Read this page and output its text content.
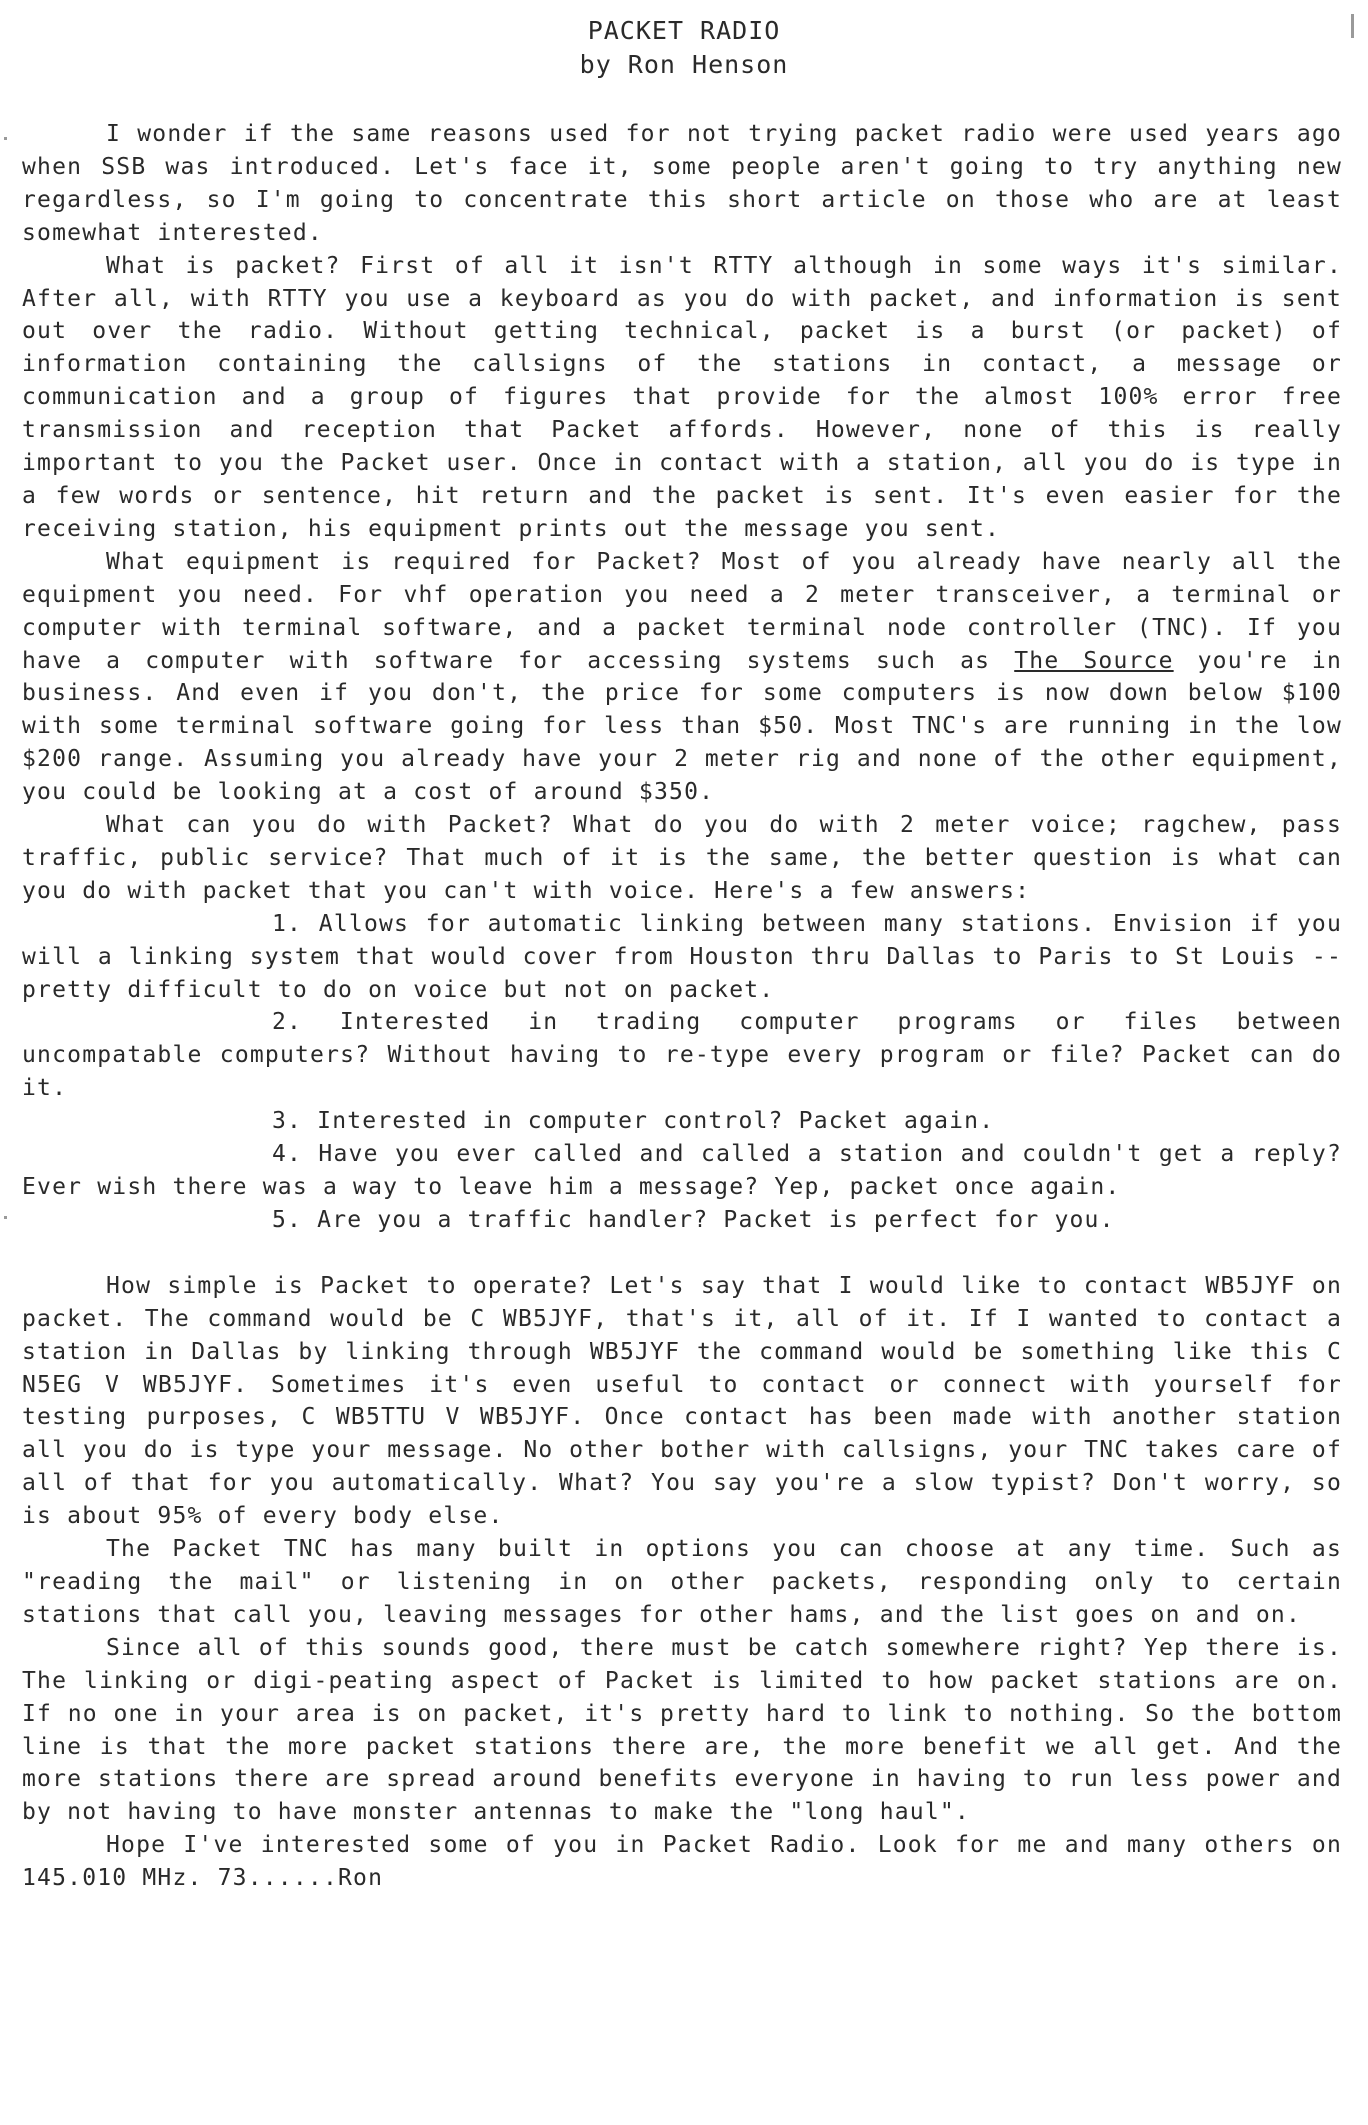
PACKET RADIO
by Ron Henson

I wonder if the same reasons used for not trying packet radio were used years ago when SSB was introduced. Let's face it, some people aren't going to try anything new regardless, so I'm going to concentrate this short article on those who are at least somewhat interested.

What is packet? First of all it isn't RTTY although in some ways it's similar. After all, with RTTY you use a keyboard as you do with packet, and information is sent out over the radio. Without getting technical, packet is a burst (or packet) of information containing the callsigns of the stations in contact, a message or communication and a group of figures that provide for the almost 100% error free transmission and reception that Packet affords. However, none of this is really important to you the Packet user. Once in contact with a station, all you do is type in a few words or sentence, hit return and the packet is sent. It's even easier for the receiving station, his equipment prints out the message you sent.

What equipment is required for Packet? Most of you already have nearly all the equipment you need. For vhf operation you need a 2 meter transceiver, a terminal or computer with terminal software, and a packet terminal node controller (TNC). If you have a computer with software for accessing systems such as The Source you're in business. And even if you don't, the price for some computers is now down below $100 with some terminal software going for less than $50. Most TNC's are running in the low $200 range. Assuming you already have your 2 meter rig and none of the other equipment, you could be looking at a cost of around $350.

What can you do with Packet? What do you do with 2 meter voice; ragchew, pass traffic, public service? That much of it is the same, the better question is what can you do with packet that you can't with voice. Here's a few answers:

1. Allows for automatic linking between many stations. Envision if you will a linking system that would cover from Houston thru Dallas to Paris to St Louis -- pretty difficult to do on voice but not on packet.

2. Interested in trading computer programs or files between uncompatable computers? Without having to re-type every program or file? Packet can do it.

3. Interested in computer control? Packet again.

4. Have you ever called and called a station and couldn't get a reply? Ever wish there was a way to leave him a message? Yep, packet once again.

5. Are you a traffic handler? Packet is perfect for you.

How simple is Packet to operate? Let's say that I would like to contact WB5JYF on packet. The command would be C WB5JYF, that's it, all of it. If I wanted to contact a station in Dallas by linking through WB5JYF the command would be something like this C N5EG V WB5JYF. Sometimes it's even useful to contact or connect with yourself for testing purposes, C WB5TTU V WB5JYF. Once contact has been made with another station all you do is type your message. No other bother with callsigns, your TNC takes care of all of that for you automatically. What? You say you're a slow typist? Don't worry, so is about 95% of every body else.

The Packet TNC has many built in options you can choose at any time. Such as "reading the mail" or listening in on other packets, responding only to certain stations that call you, leaving messages for other hams, and the list goes on and on.

Since all of this sounds good, there must be catch somewhere right? Yep there is. The linking or digi-peating aspect of Packet is limited to how packet stations are on. If no one in your area is on packet, it's pretty hard to link to nothing. So the bottom line is that the more packet stations there are, the more benefit we all get. And the more stations there are spread around benefits everyone in having to run less power and by not having to have monster antennas to make the "long haul".

Hope I've interested some of you in Packet Radio. Look for me and many others on 145.010 MHz. 73......Ron
